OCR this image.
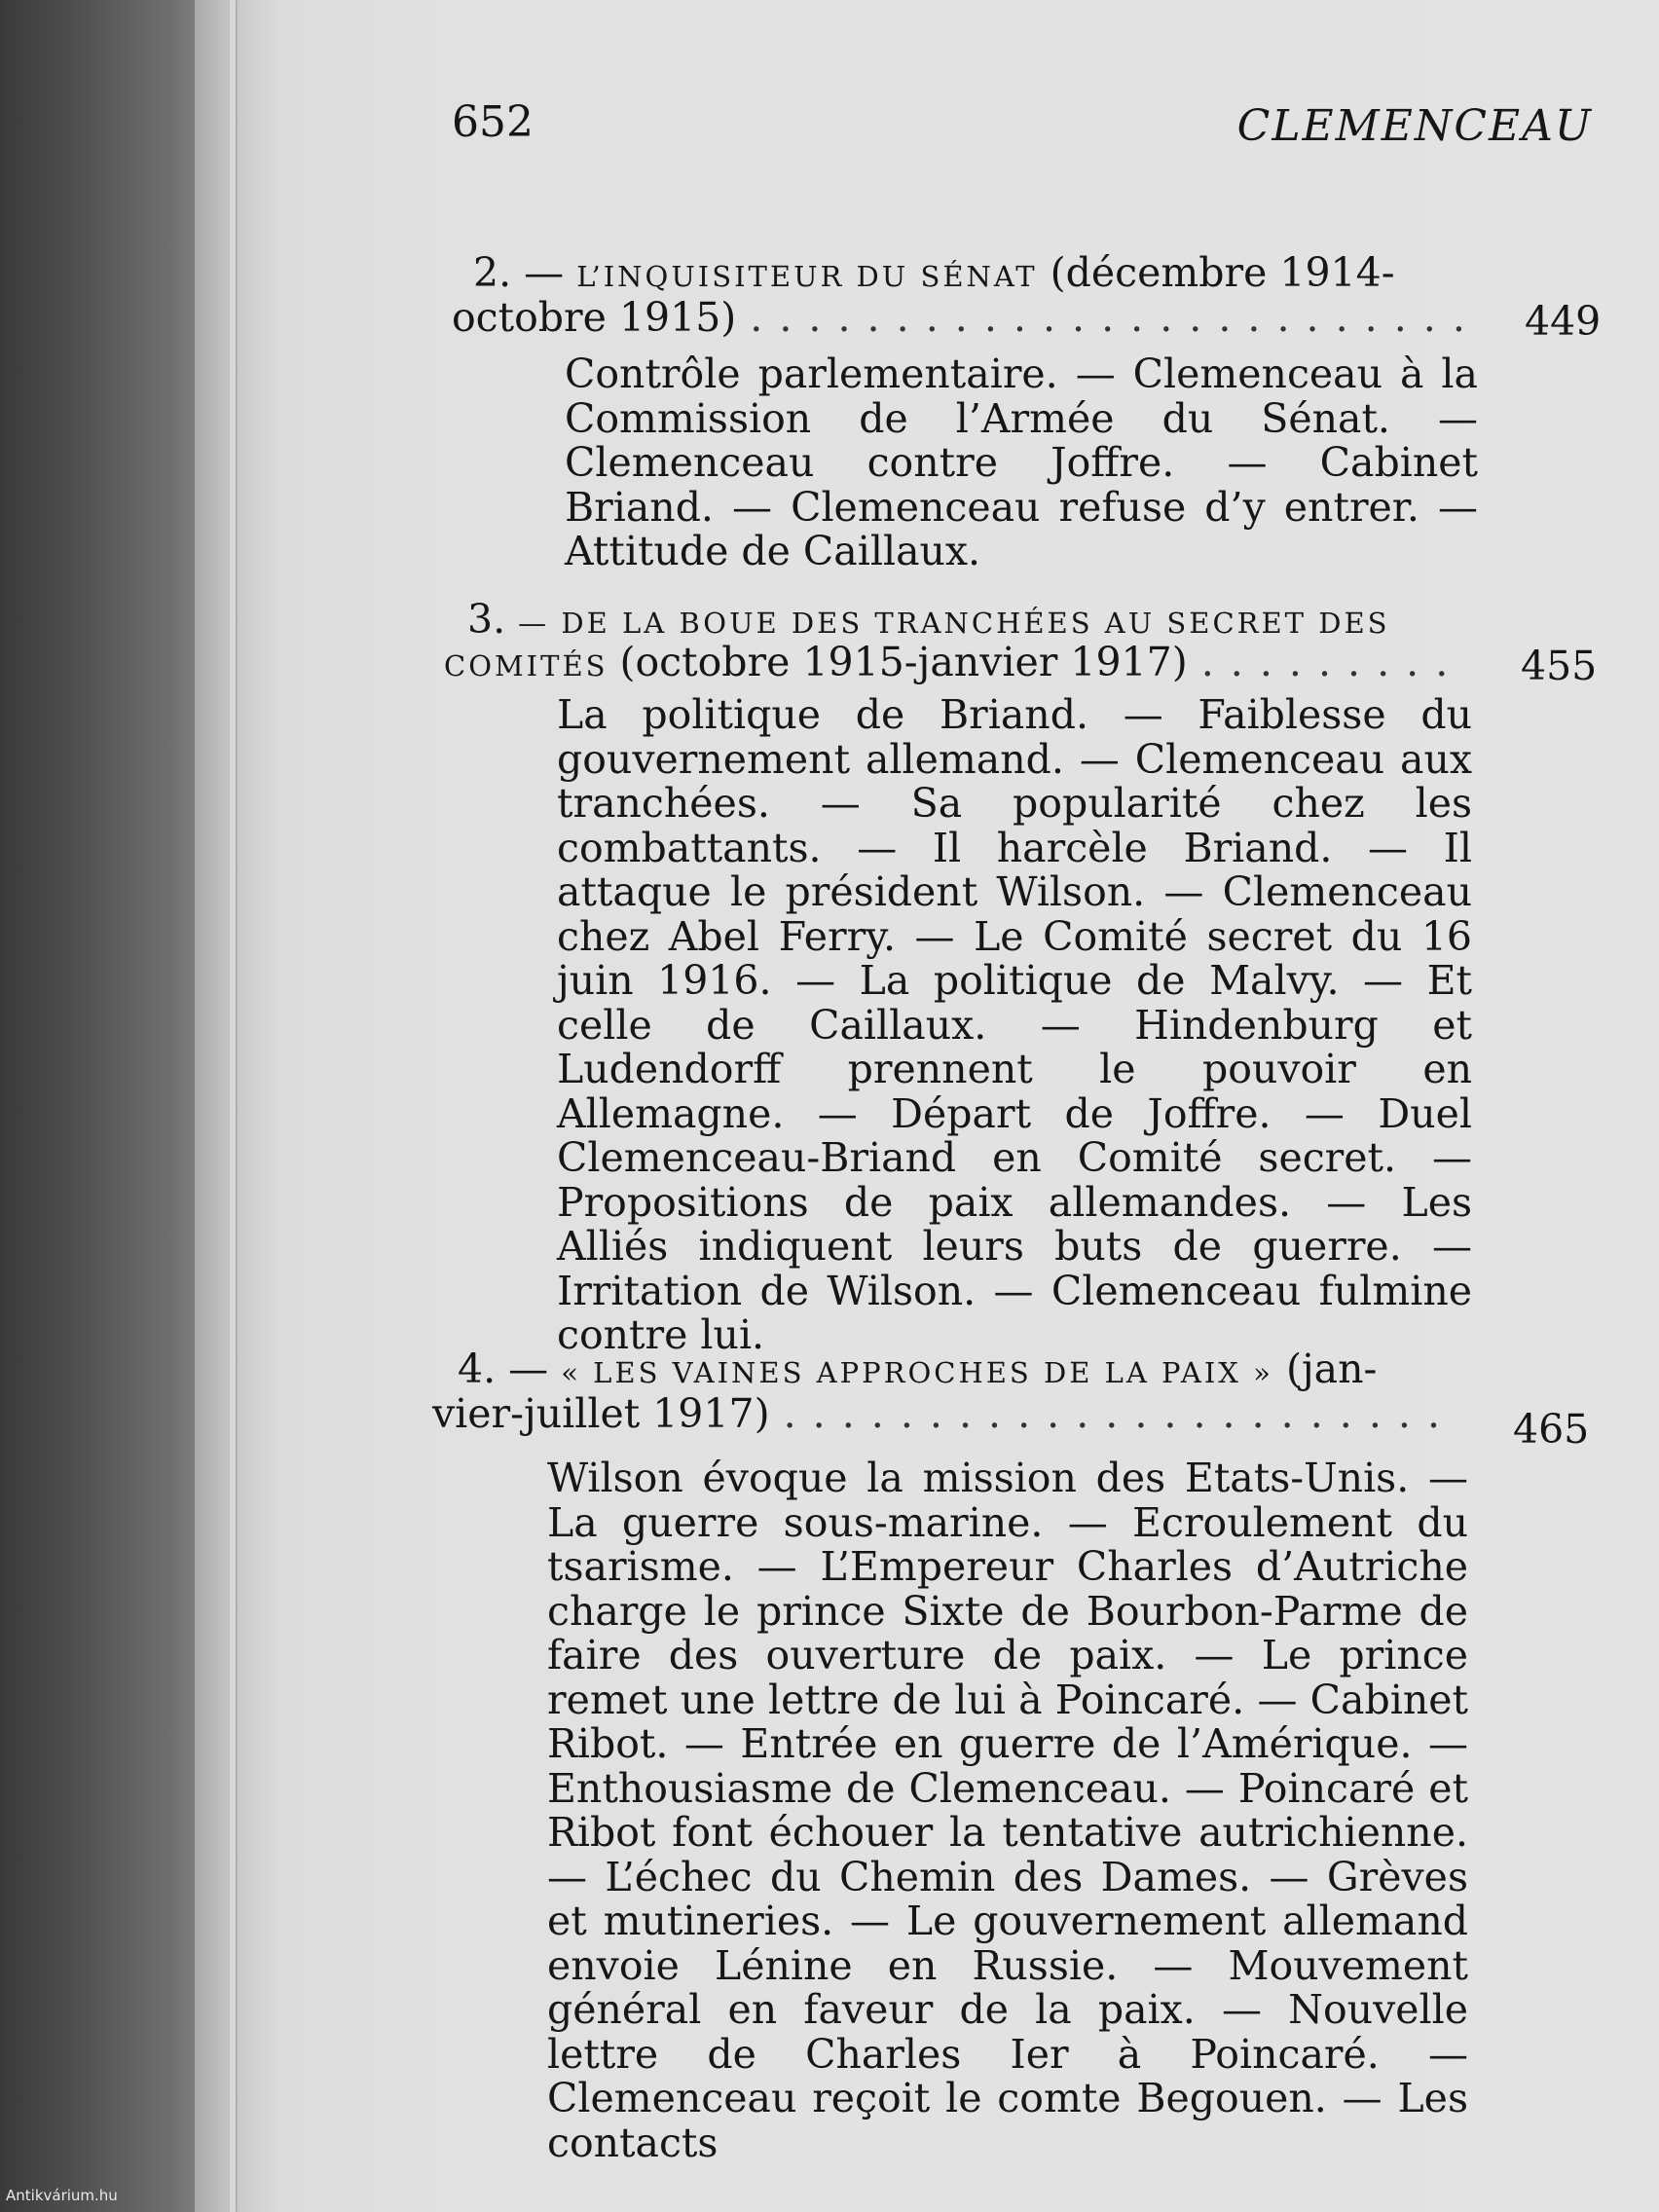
652	CLEMENCEAU
2. — L’INQUISITEUR DU SÉNAT (décembre 1914-
octobre 1915) . . .	449

Contrôle parlementaire. — Clemenceau à la Commission de l’Armée du Sénat. — Clemenceau contre Joffre. — Cabinet Briand. — Clemenceau refuse d’y entrer. — Attitude de Caillaux.

3. — DE LA BOUE DES TRANCHÉES AU SECRET DES
COMITÉS (octobre 1915-janvier 1917) . . .	455

La politique de Briand. — Faiblesse du gouvernement allemand. — Clemenceau aux tranchées. — Sa popularité chez les combattants. — Il harcèle Briand. — Il attaque le président Wilson. — Clemenceau chez Abel Ferry. — Le Comité secret du 16 juin 1916. — La politique de Malvy. — Et celle de Caillaux. — Hindenburg et Ludendorff prennent le pouvoir en Allemagne. — Départ de Joffre. — Duel Clemenceau-Briand en Comité secret. — Propositions de paix allemandes. — Les Alliés indiquent leurs buts de guerre. — Irritation de Wilson. — Clemenceau fulmine contre lui.

4. — « LES VAINES APPROCHES DE LA PAIX » (jan-
vier-juillet 1917) . . .	465

Wilson évoque la mission des Etats-Unis. — La guerre sous-marine. — Ecroulement du tsarisme. — L’Empereur Charles d’Autriche charge le prince Sixte de Bourbon-Parme de faire des ouverture de paix. — Le prince remet une lettre de lui à Poincaré. — Cabinet Ribot. — Entrée en guerre de l’Amérique. — Enthousiasme de Clemenceau. — Poincaré et Ribot font échouer la tentative autrichienne. — L’échec du Chemin des Dames. — Grèves et mutineries. — Le gouvernement allemand envoie Lénine en Russie. — Mouvement général en faveur de la paix. — Nouvelle lettre de Charles Ier à Poincaré. — Clemenceau reçoit le comte Begouen. — Les contacts

Antikvárium.hu
